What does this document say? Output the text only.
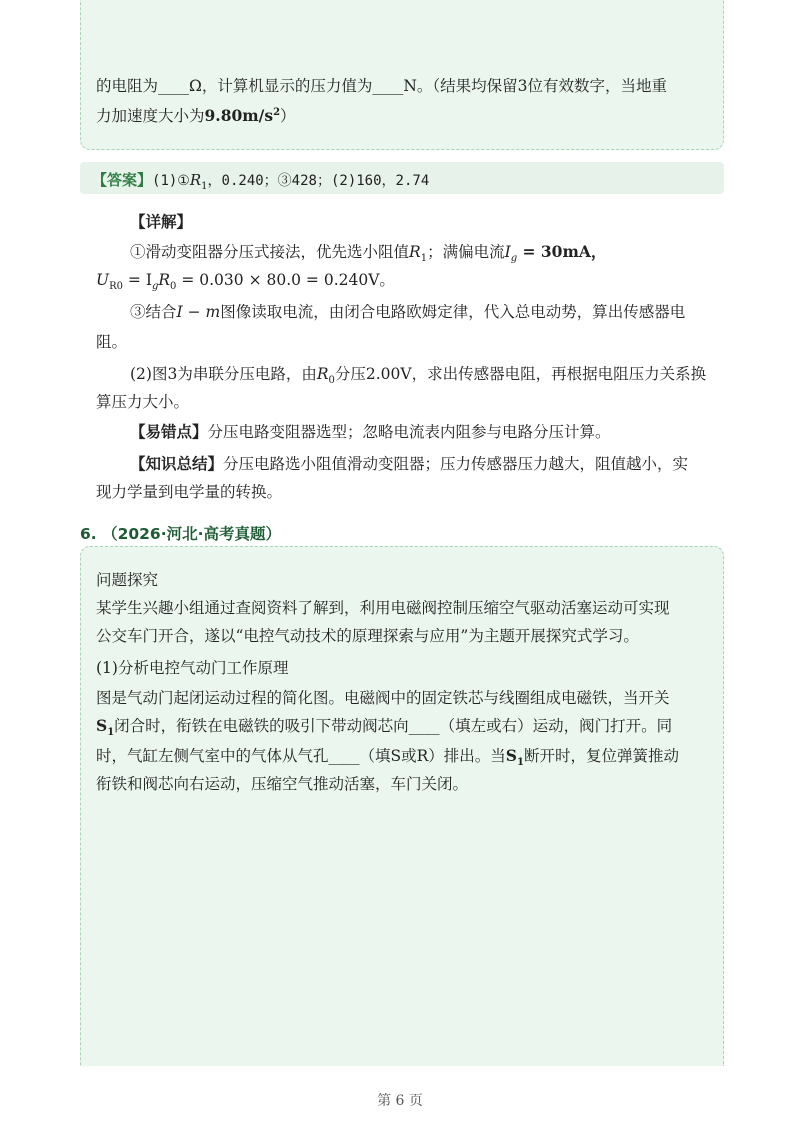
的电阻为____Ω，计算机显示的压力值为____N。（结果均保留3位有效数字，当地重
力加速度大小为$9.80m/s^2$）
【答案】$(1)①R_1$，0.240；③428；(2)160，2.74
【详解】
①滑动变阻器分压式接法，优先选小阻值$R_1$；满偏电流$I_g = 30mA$，
$U_{R0} = I_gR_0 = 0.030 \times 80.0 = 0.240V$。
③结合I − m图像读取电流，由闭合电路欧姆定律，代入总电动势，算出传感器电
阻。
(2)图3为串联分压电路，由$R_0$分压2.00V，求出传感器电阻，再根据电阻压力关系换
算压力大小。
【易错点】分压电路变阻器选型；忽略电流表内阻参与电路分压计算。
【知识总结】分压电路选小阻值滑动变阻器；压力传感器压力越大，阻值越小，实
现力学量到电学量的转换。
6. （2026·河北·高考真题）
问题探究
某学生兴趣小组通过查阅资料了解到，利用电磁阀控制压缩空气驱动活塞运动可实现
公交车门开合，遂以“电控气动技术的原理探索与应用”为主题开展探究式学习。
(1)分析电控气动门工作原理
图是气动门起闭运动过程的简化图。电磁阀中的固定铁芯与线圈组成电磁铁，当开关
$S_1$闭合时，衔铁在电磁铁的吸引下带动阀芯向____（填左或右）运动，阀门打开。同
时，气缸左侧气室中的气体从气孔____（填S或R）排出。当$S_1$断开时，复位弹簧推动
衔铁和阀芯向右运动，压缩空气推动活塞，车门关闭。
第 6 页
